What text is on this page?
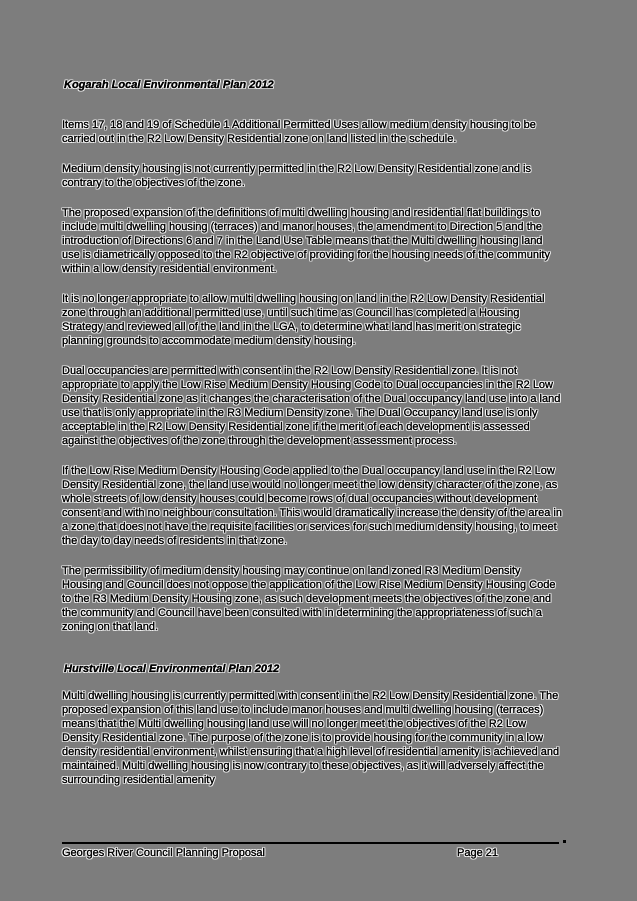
Kogarah Local Environmental Plan 2012

Items 17, 18 and 19 of Schedule 1 Additional Permitted Uses allow medium density housing to be carried out in the R2 Low Density Residential zone on land listed in the schedule.

Medium density housing is not currently permitted in the R2 Low Density Residential zone and is contrary to the objectives of the zone.

The proposed expansion of the definitions of multi dwelling housing and residential flat buildings to include multi dwelling housing (terraces) and manor houses, the amendment to Direction 5 and the introduction of Directions 6 and 7 in the Land Use Table means that the Multi dwelling housing land use is diametrically opposed to the R2 objective of providing for the housing needs of the community within a low density residential environment.

It is no longer appropriate to allow multi dwelling housing on land in the R2 Low Density Residential zone through an additional permitted use, until such time as Council has completed a Housing Strategy and reviewed all of the land in the LGA, to determine what land has merit on strategic planning grounds to accommodate medium density housing.

Dual occupancies are permitted with consent in the R2 Low Density Residential zone. It is not appropriate to apply the Low Rise Medium Density Housing Code to Dual occupancies in the R2 Low Density Residential zone as it changes the characterisation of the Dual occupancy land use into a land use that is only appropriate in the R3 Medium Density zone. The Dual Occupancy land use is only acceptable in the R2 Low Density Residential zone if the merit of each development is assessed against the objectives of the zone through the development assessment process.

If the Low Rise Medium Density Housing Code applied to the Dual occupancy land use in the R2 Low Density Residential zone, the land use would no longer meet the low density character of the zone, as whole streets of low density houses could become rows of dual occupancies without development consent and with no neighbour consultation. This would dramatically increase the density of the area in a zone that does not have the requisite facilities or services for such medium density housing, to meet the day to day needs of residents in that zone.

The permissibility of medium density housing may continue on land zoned R3 Medium Density Housing and Council does not oppose the application of the Low Rise Medium Density Housing Code to the R3 Medium Density Housing zone, as such development meets the objectives of the zone and the community and Council have been consulted with in determining the appropriateness of such a zoning on that land.

Hurstville Local Environmental Plan 2012

Multi dwelling housing is currently permitted with consent in the R2 Low Density Residential zone. The proposed expansion of this land use to include manor houses and multi dwelling housing (terraces) means that the Multi dwelling housing land use will no longer meet the objectives of the R2 Low Density Residential zone. The purpose of the zone is to provide housing for the community in a low density residential environment, whilst ensuring that a high level of residential amenity is achieved and maintained. Multi dwelling housing is now contrary to these objectives, as it will adversely affect the surrounding residential amenity

Georges River Council Planning Proposal	Page 21
